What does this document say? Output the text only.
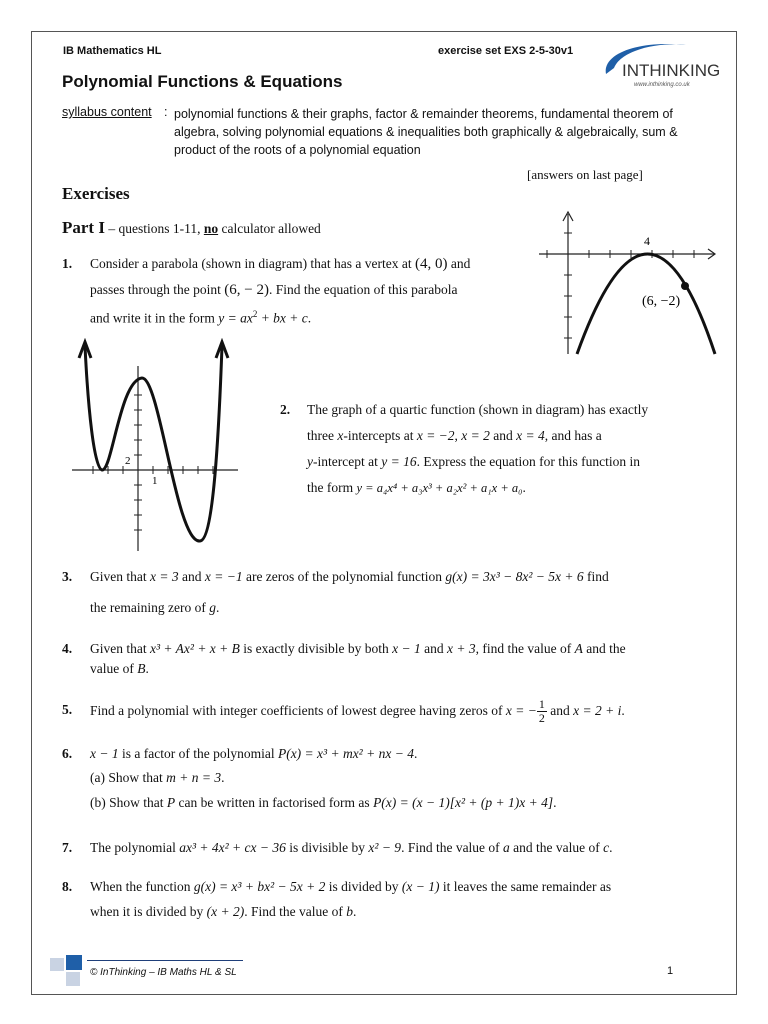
IB Mathematics HL	exercise set EXS 2-5-30v1
INTHINKING
www.inthinking.co.uk
Polynomial Functions & Equations
syllabus content : polynomial functions & their graphs, factor & remainder theorems, fundamental theorem of algebra, solving polynomial equations & inequalities both graphically & algebraically, sum & product of the roots of a polynomial equation
[answers on last page]
Exercises
Part I – questions 1-11, no calculator allowed
1. Consider a parabola (shown in diagram) that has a vertex at (4, 0) and
passes through the point (6, − 2). Find the equation of this parabola
and write it in the form $y = ax^2$ + bx + c.
4
(6, −2)
2
1
2. The graph of a quartic function (shown in diagram) has exactly
three x-intercepts at x = −2, x = 2 and x = 4, and has a
y-intercept at y = 16. Express the equation for this function in
the form y = a₄x⁴ + a₃x³ + a₂x² + a₁x + a₀.
3. Given that x = 3 and x = −1 are zeros of the polynomial function g(x) = 3x³ − 8x² − 5x + 6 find
the remaining zero of g.
4. Given that x³ + Ax² + x + B is exactly divisible by both x − 1 and x + 3, find the value of A and the
value of B.
5. Find a polynomial with integer coefficients of lowest degree having zeros of
x = − $\frac{1}{2}$
and
x = 2 + i .
6. x − 1 is a factor of the polynomial P(x) = x³ + mx² + nx − 4.
(a) Show that m + n = 3.
(b) Show that P can be written in factorised form as P(x) = (x − 1)[x² + (p + 1)x + 4].
7. The polynomial ax³ + 4x² + cx − 36 is divisible by x² − 9. Find the value of a and the value of c.
8. When the function g(x) = x³ + bx² − 5x + 2 is divided by (x − 1) it leaves the same remainder as
when it is divided by (x + 2). Find the value of b.
© InThinking – IB Maths HL & SL	1
